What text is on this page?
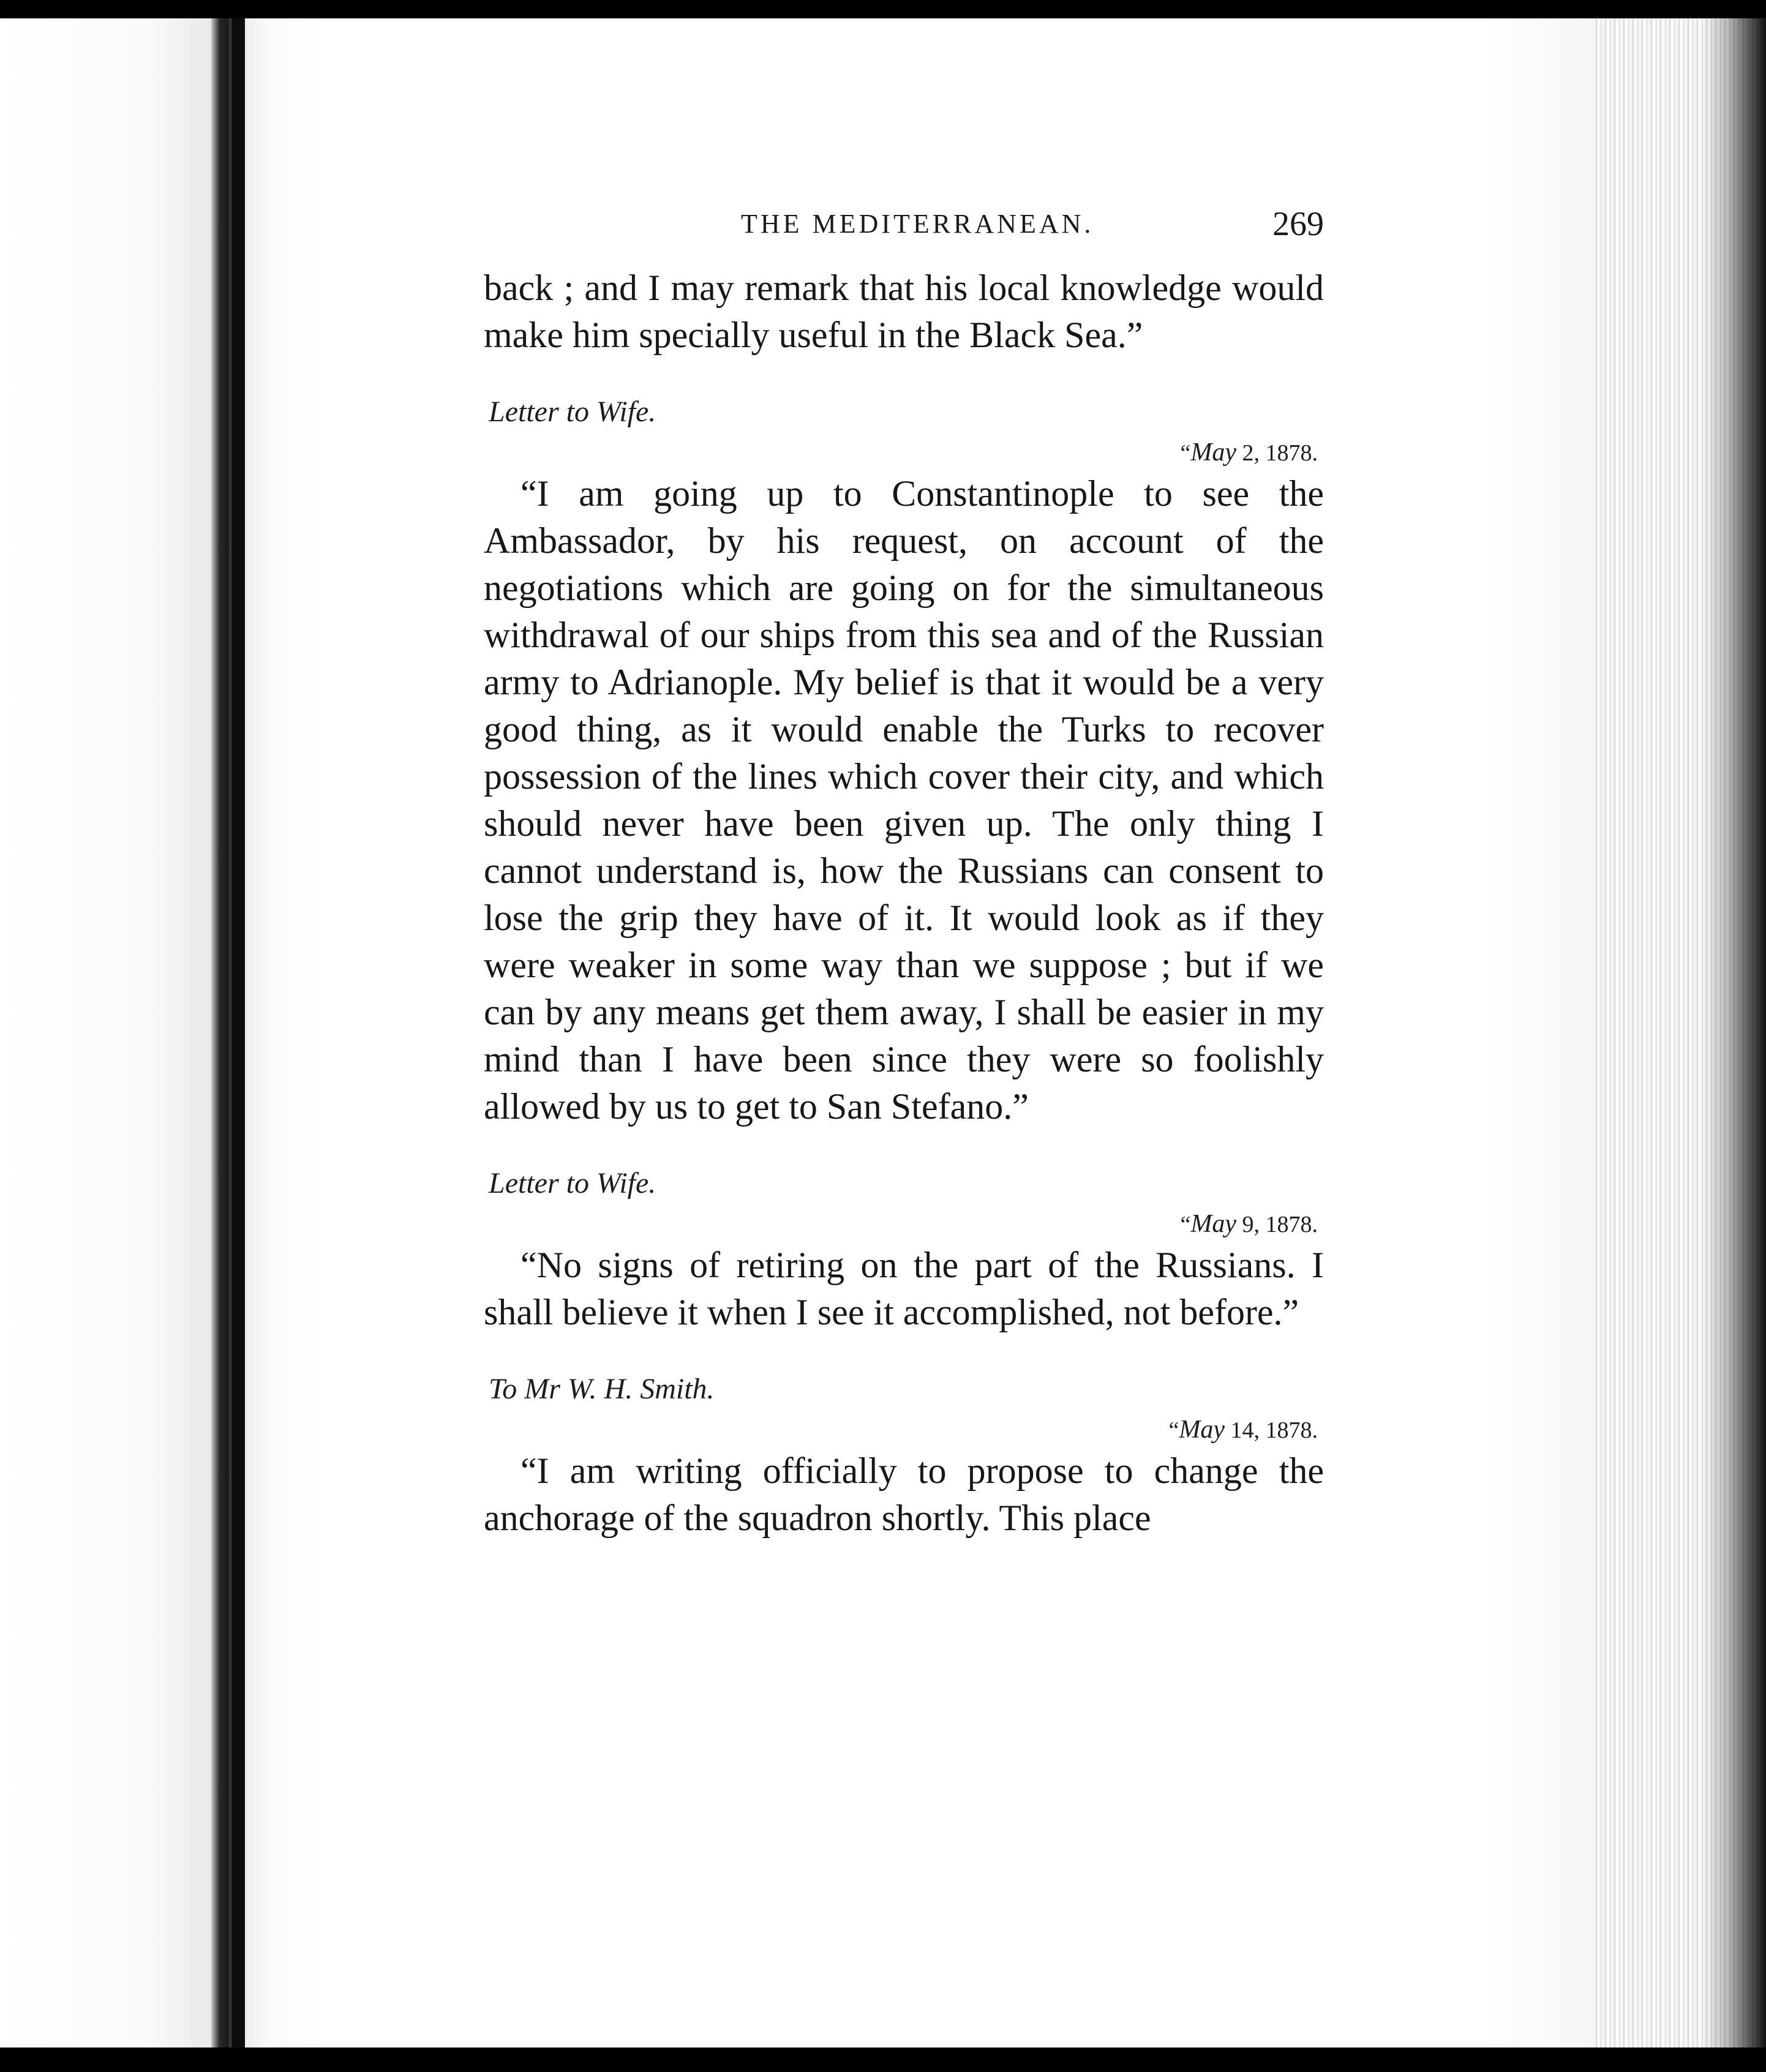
THE MEDITERRANEAN.	269

back ; and I may remark that his local knowledge would make him specially useful in the Black Sea.”

Letter to Wife.
“May 2, 1878.

“I am going up to Constantinople to see the Ambassador, by his request, on account of the negotiations which are going on for the simultaneous withdrawal of our ships from this sea and of the Russian army to Adrianople. My belief is that it would be a very good thing, as it would enable the Turks to recover possession of the lines which cover their city, and which should never have been given up. The only thing I cannot understand is, how the Russians can consent to lose the grip they have of it. It would look as if they were weaker in some way than we suppose ; but if we can by any means get them away, I shall be easier in my mind than I have been since they were so foolishly allowed by us to get to San Stefano.”

Letter to Wife.
“May 9, 1878.

“No signs of retiring on the part of the Russians. I shall believe it when I see it accomplished, not before.”

To Mr W. H. Smith.
“May 14, 1878.

“I am writing officially to propose to change the anchorage of the squadron shortly. This place
